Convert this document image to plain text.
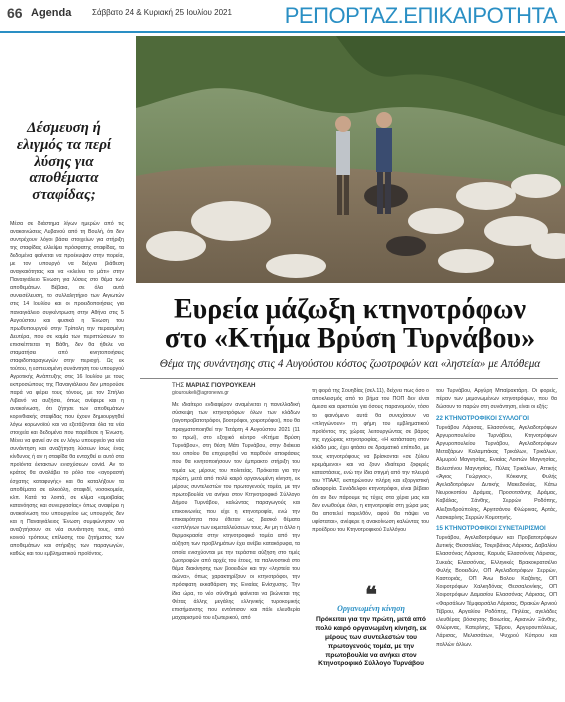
66 Agenda	Σάββατο 24 & Κυριακή 25 Ιουλίου 2021 ΡΕΠΟΡΤΑΖ.ΕΠΙΚΑΙΡΟΤΗΤΑ
Δέσμευση ή ελιγμός τα περί λύσης για αποθέματα σταφίδας;
Μέσα σε διάστημα λίγων ημερών από τις ανακοινώσεις Λυβανού από τη Βουλή, ότι δεν συντρέχουν λόγοι βάσει στοιχείων για στήριξη της σταφίδας ελλείψει πρόσφατης σταφίδας, τα δεδομένα φαίνεται να προέκυψαν στην πορεία, με τον υπουργό να δείχνει βιάθεση αναγκαιότητας και να «κλείνει το μάτι» στην Παναιγιάλειο Ένωση για λύσεις στο θέμα των αποθεμάτων. Βέβαια, σε όλα αυτά συνεισέλευση, το συλλαλητήριο των Αιγιωτών στις 14 Ιουλίου και οι προειδοποιήσεις για παναιγιάλειο συγκέντρωση στην Αθήνα στις 5 Αυγούστου και φυσικά η Ένωση του πρωθυπουργού στην Τρίπολη την περασμένη Δευτέρα, που σε καμία των περιπτώσεων το επισκέπτεται τη Βάθη, δεν θα ήθελε να σταματήσει από κινητοποιήσεις σταφιδοπαραγωγών στην περιοχή. Ως εκ τούτου, η εσπευσμένη συνάντηση του υπουργού Αγροτικής Ανάπτυξης στις 16 Ιουλίου με τους εκπροσώπους της Παναιγιάλειου δεν μπορούσε παρά να φέρει τους τόνους, με τον Σπήλιο Λιβανό να αυξήσει, όπως ανέφερε και η ανακοίνωση, ότι ζήτησε των αποθεμάτων κορινθιακής σταφίδας που έχουν δημιουργηθεί λόγω κορωνοϊού και να εξετάζονται όλα τα νέα στοιχεία και δεδομένα που παρέθεσε η Ένωση. Μένει να φανεί αν σε εν λόγω υπουργείο για νέα συνάντηση και αναζήτηση λύσεων ίσως ένας κίνδυνος ή αν η σταφίδα θα ενταχθεί ει αυτό στα προϊόντα έκτακτων ενισχύσεων covid. Αν το κράτος θα αναλάβει το ρόλο του «αγοραστή έσχατης καταφυγής» και θα καταλήξουν τα αποθέματα σε αλκοόλη, σταφιδί, νοσοκομεία, κλπ. Κατά τα λοιπά, σε κλίμα «αμοιβαίας κατανόησης και συνεργασίας» όπως αναφέρει η ανακοίνωση του υπουργείου ως υπουργός δεν και η Παναιγιάλειος Ένωση συμφώνησαν να αναζητήσουν σε νέα συνάντηση τους, από κοινού τρόπους επίλυσης του ζητήματος των αποθεμάτων και στήριξης των παραγωγών, καθώς και του εμβληματικού προϊόντος.
Ευρεία μάζωξη κτηνοτρόφων στο «Κτήμα Βρύση Τυρνάβου»
Θέμα της συνάντησης στις 4 Αυγούστου κόστος ζωοτροφών και «ληστεία» με Απόθεμα
ΤΗΣ ΜΑΡΙΑΣ ΓΙΟΥΡΟΥΚΕΛΗ
giouroukeli@agronews.gr
Με ιδιαίτερο ενδιαφέρον αναμένεται η πανελλαδική σύσκεψη των κτηνοτρόφων όλων των κλάδων (αιγοπροβατοτρόφοι, βοοτρόφοι, χοιροτρόφοι), που θα πραγματοποιηθεί την Τετάρτη 4 Αυγούστου 2021 (11 το πρωί), στο εξοχικό κέντρο «Κτήμα Βρύση Τυρνάβου», στη θέση Μάτι Τυρνάβου, στην διάκεια του οποίου θα επιχειρηθεί να παρθούν αποφάσεις που θα κινητοποιήσουν τον έμπρακτο στήριξη του τομέα ως μέρους του πολιτείας. Πρόκειται για την πρώτη, μετά από πολύ καιρό οργανωμένη κίνηση, εκ μέρους συντελεστών του πρωτογενούς τομέα, με την πρωτοβουλία να ανήκει στον Κτηνοτροφικό Σύλλογο Δήμου Τυρνάβου, καλώντας παραγωγούς και επικοινωνίες που είχε η κτηνοτροφία, ενώ την επικαιρότητα που έθεταν ως βασικό θέματα «εσπλήνων των εκμεταλλεύσεων τους. Αν μη τι άλλο η θερμοκρασία στην κτηνοτροφικό τομέα από την αύξηση των προβλημάτων έχει ανέβει κατακόρυφα, τα οποία ενισχύονται με την τεράστια αύξηση στο τιμές ζωοτροφών από αρχές του έτους, τα παλινοστικά στο θέμα διακίνησης των βοοειδών και την «ληστεία του αιώνα», όπως χαρακτηρίζουν οι κτηνοτρόφοι, την πρόσφατη εκκαθάριση της Ενιαίας Ενίσχυσης. Την ίδια ώρα, το νέο σύνθημά φαίνεται να βιώνεται της Φέτας άλλης μεγάλης ελληνικής τυροκομικής επισήμανσης που εντόπισαν και πάλι ελευθερία μαχαιρισμού του εξωτερικού, από
τη φορά της Σουηδίας (σελ.11), δείχνει πως όσο ο αποκλεισμός από το βήμα του ΠΟΠ δεν είναι άμεσα και αριστεύει για όσους παρανομούν, τόσο το φαινόμενο αυτά θα συνεχίσουν να «πληγώνουν» τη φήμη του εμβληματικού προϊόντος της χώρας λειτουργώντας σε βάρος της εγχώριας κτηνοτροφίας. «Η κατάσταση στον κλάδο μας, έχει φτάσει σε δραματικό επίπεδο, με τους κτηνοτρόφους να βρίσκονται «σε ξύλου κρεμάμενοι» και να ζουν ιδιαίτερα ζοφερές καταστάσεις, ενώ την ίδια στιγμή από την πλευρά του ΥΠΑΑΤ, εκπηρώνουν πλήρη και εξοργιστική αδιαφορία. Συνάδελφοι κτηνοτρόφοι, είναι βέβαιο ότι αν δεν πάρουμε τις τύχες στα χέρια μας και δεν ενωθούμε όλοι, η κτηνοτροφία στη χώρα μας θα αποτελεί παρελθόν, αφού θα πάψει να υφίσταται», ανέφερε η ανακοίνωση καλώντας του προέδρου του Κτηνοτροφικού Συλλόγου
❝
Οργανωμένη κίνηση
Πρόκειται για την πρώτη, μετά από πολύ καιρό οργανωμένη κίνηση, εκ μέρους των συντελεστών του πρωτογενούς τομέα, με την πρωτοβουλία να ανήκει στον Κτηνοτροφικό Σύλλογο Τυρνάβου
του Τυρνάβου, Αργύρη Μπαϊρακτάρη. Οι φορείς, πέραν των μεμονωμένων κτηνοτρόφων, που θα δώσουν το παρών στη συνάντηση, είναι οι εξής:
22 ΚΤΗΝΟΤΡΟΦΙΚΟΙ ΣΥΛΛΟΓΟΙ
Τυρνάβου Λάρισας, Ελασσόνας, Αγελαδοτρόφων Αργυροπουλείου Τυρνάβου, Κτηνοτρόφων Αργυροπουλείου Τυρνάβου, Αγελαδοτρόφων Μεταξάρων Καλαμπάκας Τρικάλων, Τρικάλων, Αλμυρού Μαγνησίας, Ενιαίας Λοιπών Μαγνησίας, Βελεστίνου Μαγνησίας, Πύλας Τρικάλων, Αττικής «Άγιος Γεώργιος», Κόκκινης Φυλής Αγελαδοτρόφων Δυτικής Μακεδονίας, Κάτω Νευροκοπίου Δράμας, Προσοτσάνης Δράμας, Καβάλας, Σάνθης, Σερρών Ροδόπης, Αλεξανδρούπολης, Αργιτσάνου Φλώρινας, Αρτάς, Λασκαρίνης Σερρών Κομοτηνής.
15 ΚΤΗΝΟΤΡΟΦΙΚΟΙ ΣΥΝΕΤΑΙΡΙΣΜΟΙ
Τυρνάβου, Αγελαδοτρόφων και Προβατοτρόφων Δυτικής Θεσσαλίας, Τσεριβάνας Λάρισας, Δαβαλίου Ελασσόνας Λάρισας, Καρυάς Ελασσόνας Λάρισας, Συκεάς Ελασσόνας, Ελληνικές Βρακοκρατσέλιο Φυλής Βοοειδών, ΟΠ Αγελαδοτρόφων Σερρών, Καστοριάς, ΟΠ Άνω Βολου Καζάνης, ΟΠ Χοιροτρόφων Χαλκηδόνας Θεσσαλονίκης, ΟΠ Χοιροτρόφων Δαμασίου Ελασσόνας Λάρισας, ΟΠ «Φαρσάλων Τέμφαρσάλα Λάρισας, Θρακών Αρνιού Τέβρου, Αργαλίου Ροδόπης, Πηλέας, αγελάδες ελευθέρας βόσκησης Βοιωτίας, Αριανών Ξάνθης, Φλώρινας, Κατερίνης, Έβρου, Αργυρουπόλεως, Λάρισας, Μελισσάτων, Ψυχρού Κύπρου και πολλών άλλων.
